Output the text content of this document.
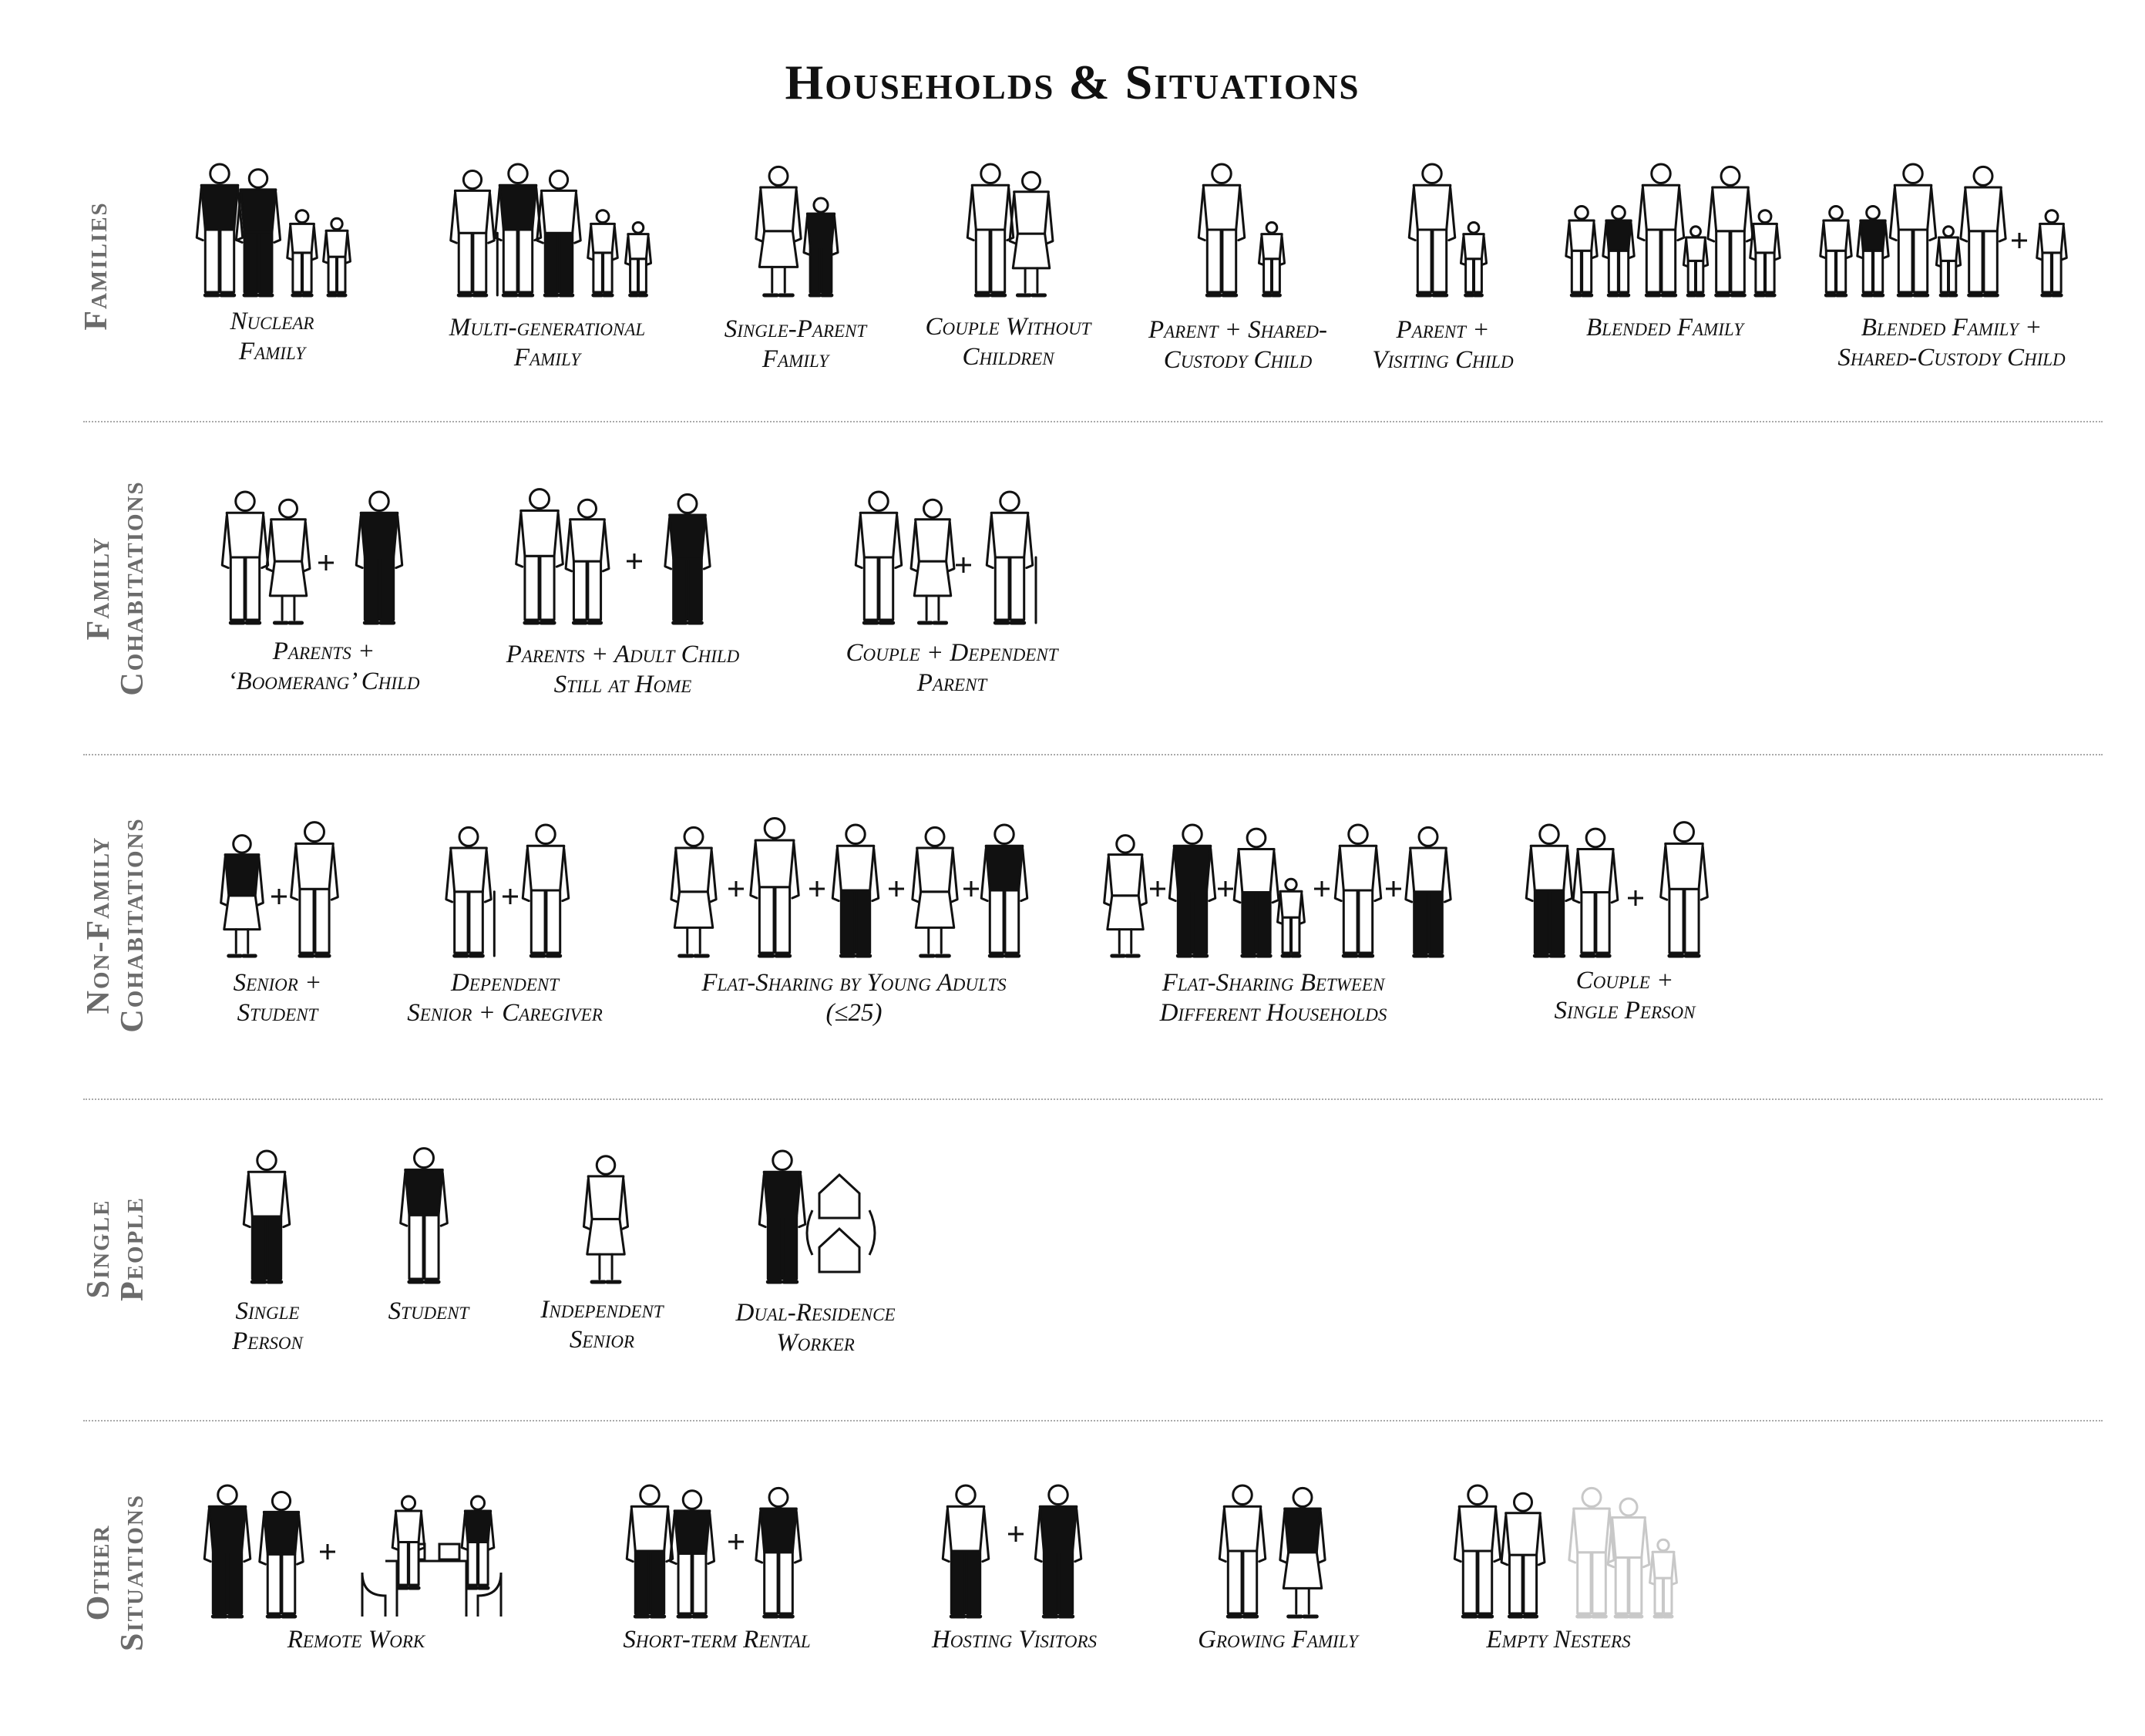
Households & Situations
Families
Family
Cohabitations
Non-Family
Cohabitations
Single
People
Other
Situations
Nuclear
Family
Multi-generational
Family
Single-Parent
Family
Couple Without
Children
Parent + Shared-
Custody Child
Parent +
Visiting Child
Blended Family	Blended Family +
Shared-Custody Child
Parents +
‘Boomerang’ Child
Parents + Adult Child
Still at Home
Couple + Dependent
Parent
Senior +
Student
Dependent
Senior + Caregiver
Flat-Sharing by Young Adults
(≤25)
Flat-Sharing Between
Different Households
Couple +
Single Person
Single
Person
Student	Independent
Senior
Dual-Residence
Worker
Remote Work	Short-term Rental	Hosting Visitors	Growing Family	Empty Nesters
